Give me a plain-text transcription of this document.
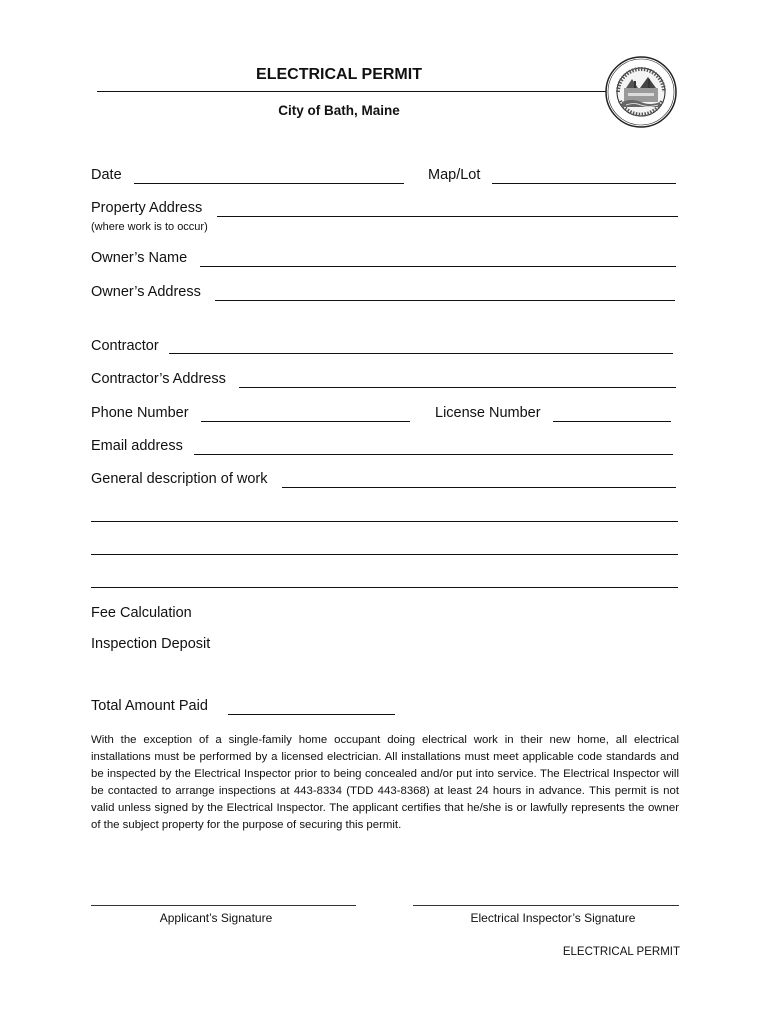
ELECTRICAL PERMIT
City of Bath, Maine
Date	Map/Lot
Property Address
(where work is to occur)
Owner’s Name
Owner’s Address
Contractor
Contractor’s Address
Phone Number	License Number
Email address
General description of work
Fee Calculation
Inspection Deposit
Total Amount Paid
With the exception of a single-family home occupant doing electrical work in their new home, all electrical installations must be performed by a licensed electrician. All installations must meet applicable code standards and be inspected by the Electrical Inspector prior to being concealed and/or put into service. The Electrical Inspector will be contacted to arrange inspections at 443-8334 (TDD 443-8368) at least 24 hours in advance. This permit is not valid unless signed by the Electrical Inspector. The applicant certifies that he/she is or lawfully represents the owner of the subject property for the purpose of securing this permit.
Applicant’s Signature	Electrical Inspector’s Signature
ELECTRICAL PERMIT
